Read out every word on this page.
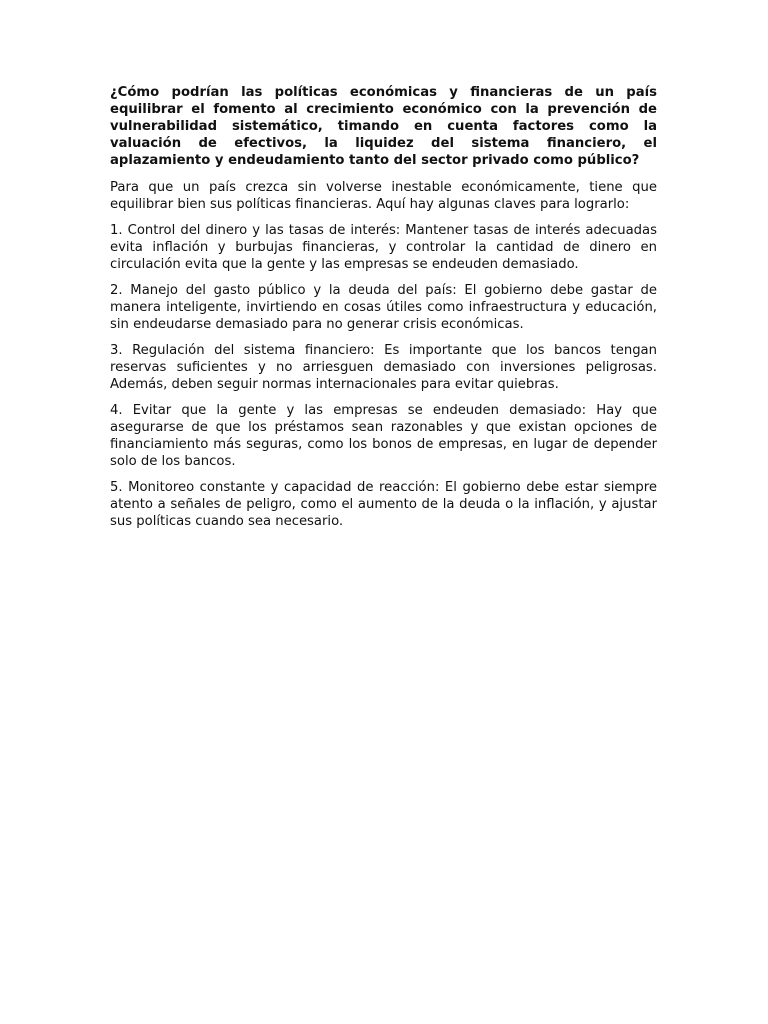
¿Cómo podrían las políticas económicas y financieras de un país equilibrar el fomento al crecimiento económico con la prevención de vulnerabilidad sistemático, timando en cuenta factores como la valuación de efectivos, la liquidez del sistema financiero, el aplazamiento y endeudamiento tanto del sector privado como público?

Para que un país crezca sin volverse inestable económicamente, tiene que equilibrar bien sus políticas financieras. Aquí hay algunas claves para lograrlo:

1. Control del dinero y las tasas de interés: Mantener tasas de interés adecuadas evita inflación y burbujas financieras, y controlar la cantidad de dinero en circulación evita que la gente y las empresas se endeuden demasiado.

2. Manejo del gasto público y la deuda del país: El gobierno debe gastar de manera inteligente, invirtiendo en cosas útiles como infraestructura y educación, sin endeudarse demasiado para no generar crisis económicas.

3. Regulación del sistema financiero: Es importante que los bancos tengan reservas suficientes y no arriesguen demasiado con inversiones peligrosas. Además, deben seguir normas internacionales para evitar quiebras.

4. Evitar que la gente y las empresas se endeuden demasiado: Hay que asegurarse de que los préstamos sean razonables y que existan opciones de financiamiento más seguras, como los bonos de empresas, en lugar de depender solo de los bancos.

5. Monitoreo constante y capacidad de reacción: El gobierno debe estar siempre atento a señales de peligro, como el aumento de la deuda o la inflación, y ajustar sus políticas cuando sea necesario.
